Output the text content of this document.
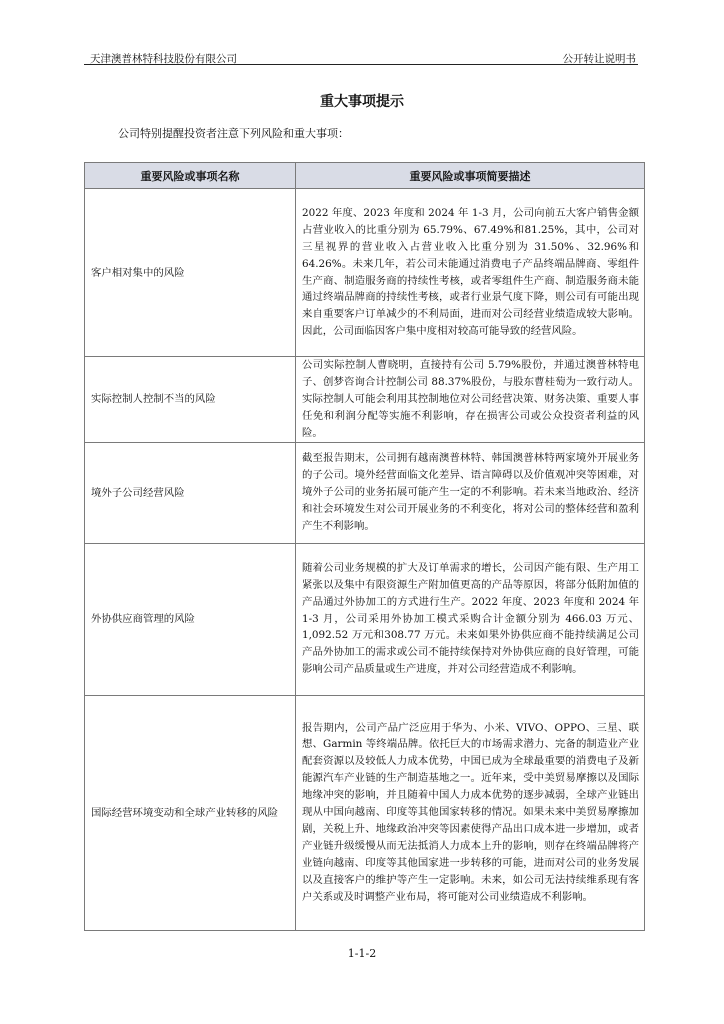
天津澳普林特科技股份有限公司	公开转让说明书
重大事项提示
公司特别提醒投资者注意下列风险和重大事项：
重要风险或事项名称	重要风险或事项简要描述
客户相对集中的风险	2022 年度、2023 年度和 2024 年 1-3 月，公司向前五大客户销售金额占营业收入的比重分别为 65.79%、67.49%和81.25%，其中，公司对三星视界的营业收入占营业收入比重分别为 31.50%、32.96%和 64.26%。未来几年，若公司未能通过消费电子产品终端品牌商、零组件生产商、制造服务商的持续性考核，或者零组件生产商、制造服务商未能通过终端品牌商的持续性考核，或者行业景气度下降，则公司有可能出现来自重要客户订单减少的不利局面，进而对公司经营业绩造成较大影响。因此，公司面临因客户集中度相对较高可能导致的经营风险。
实际控制人控制不当的风险	公司实际控制人曹晓明，直接持有公司 5.79%股份，并通过澳普林特电子、创梦咨询合计控制公司 88.37%股份，与股东曹桂萄为一致行动人。实际控制人可能会利用其控制地位对公司经营决策、财务决策、重要人事任免和利润分配等实施不利影响，存在损害公司或公众投资者利益的风险。
境外子公司经营风险	截至报告期末，公司拥有越南澳普林特、韩国澳普林特两家境外开展业务的子公司。境外经营面临文化差异、语言障碍以及价值观冲突等困难，对境外子公司的业务拓展可能产生一定的不利影响。若未来当地政治、经济和社会环境发生对公司开展业务的不利变化，将对公司的整体经营和盈利产生不利影响。
外协供应商管理的风险	随着公司业务规模的扩大及订单需求的增长，公司因产能有限、生产用工紧张以及集中有限资源生产附加值更高的产品等原因，将部分低附加值的产品通过外协加工的方式进行生产。2022 年度、2023 年度和 2024 年 1-3 月，公司采用外协加工模式采购合计金额分别为 466.03 万元、1,092.52 万元和308.77 万元。未来如果外协供应商不能持续满足公司产品外协加工的需求或公司不能持续保持对外协供应商的良好管理，可能影响公司产品质量或生产进度，并对公司经营造成不利影响。
国际经营环境变动和全球产业转移的风险	报告期内，公司产品广泛应用于华为、小米、VIVO、OPPO、三星、联想、Garmin 等终端品牌。依托巨大的市场需求潜力、完备的制造业产业配套资源以及较低人力成本优势，中国已成为全球最重要的消费电子及新能源汽车产业链的生产制造基地之一。近年来，受中美贸易摩擦以及国际地缘冲突的影响，并且随着中国人力成本优势的逐步减弱，全球产业链出现从中国向越南、印度等其他国家转移的情况。如果未来中美贸易摩擦加剧，关税上升、地缘政治冲突等因素使得产品出口成本进一步增加，或者产业链升级缓慢从而无法抵消人力成本上升的影响，则存在终端品牌将产业链向越南、印度等其他国家进一步转移的可能，进而对公司的业务发展以及直接客户的维护等产生一定影响。未来，如公司无法持续维系现有客户关系或及时调整产业布局，将可能对公司业绩造成不利影响。
1-1-2
